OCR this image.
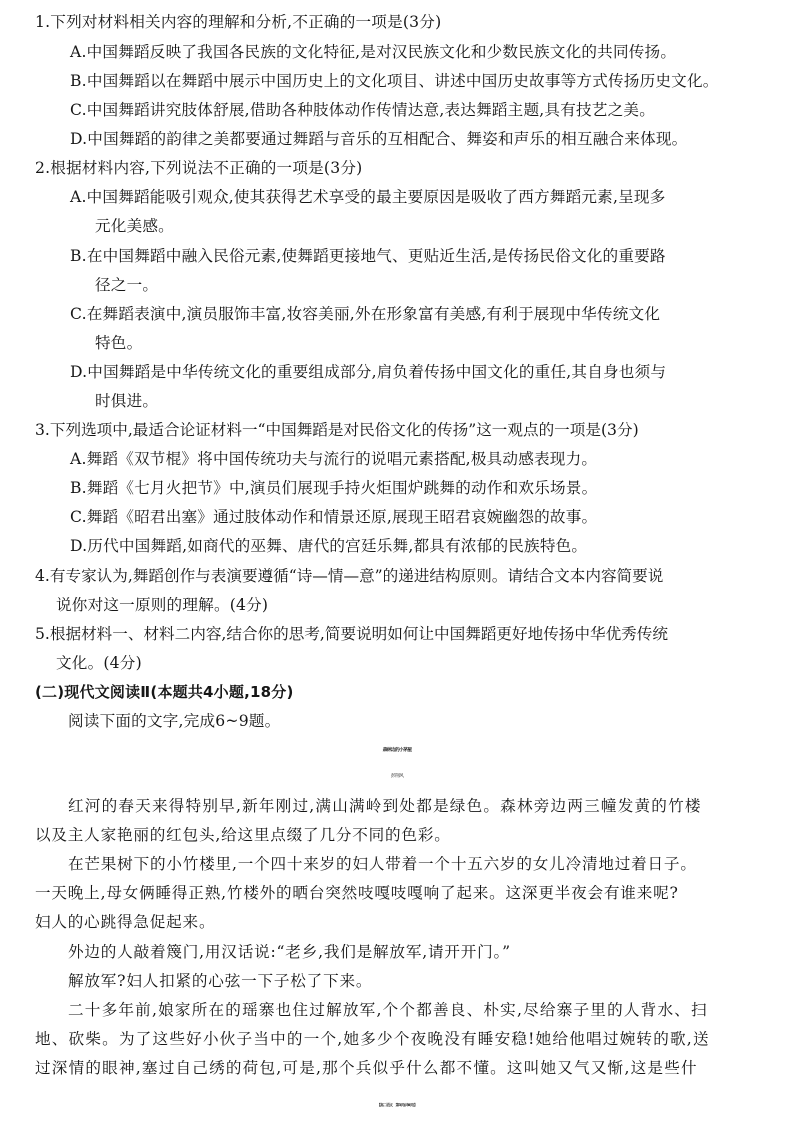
1.下列对材料相关内容的理解和分析,不正确的一项是(3分)
A.中国舞蹈反映了我国各民族的文化特征,是对汉民族文化和少数民族文化的共同传扬。
B.中国舞蹈以在舞蹈中展示中国历史上的文化项目、讲述中国历史故事等方式传扬历史文化。
C.中国舞蹈讲究肢体舒展,借助各种肢体动作传情达意,表达舞蹈主题,具有技艺之美。
D.中国舞蹈的韵律之美都要通过舞蹈与音乐的互相配合、舞姿和声乐的相互融合来体现。
2.根据材料内容,下列说法不正确的一项是(3分)
A.中国舞蹈能吸引观众,使其获得艺术享受的最主要原因是吸收了西方舞蹈元素,呈现多
元化美感。
B.在中国舞蹈中融入民俗元素,使舞蹈更接地气、更贴近生活,是传扬民俗文化的重要路
径之一。
C.在舞蹈表演中,演员服饰丰富,妆容美丽,外在形象富有美感,有利于展现中华传统文化
特色。
D.中国舞蹈是中华传统文化的重要组成部分,肩负着传扬中国文化的重任,其自身也须与
时俱进。
3.下列选项中,最适合论证材料一“中国舞蹈是对民俗文化的传扬”这一观点的一项是(3分)
A.舞蹈《双节棍》将中国传统功夫与流行的说唱元素搭配,极具动感表现力。
B.舞蹈《七月火把节》中,演员们展现手持火炬围炉跳舞的动作和欢乐场景。
C.舞蹈《昭君出塞》通过肢体动作和情景还原,展现王昭君哀婉幽怨的故事。
D.历代中国舞蹈,如商代的巫舞、唐代的宫廷乐舞,都具有浓郁的民族特色。
4.有专家认为,舞蹈创作与表演要遵循“诗—情—意”的递进结构原则。请结合文本内容简要说
说你对这一原则的理解。(4分)
5.根据材料一、材料二内容,结合你的思考,简要说明如何让中国舞蹈更好地传扬中华优秀传统
文化。(4分)
(二)现代文阅读Ⅱ(本题共4小题,18分)
阅读下面的文字,完成6~9题。
森林边的小茅屋
彭荆风
红河的春天来得特别早,新年刚过,满山满岭到处都是绿色。森林旁边两三幢发黄的竹楼
以及主人家艳丽的红包头,给这里点缀了几分不同的色彩。
在芒果树下的小竹楼里,一个四十来岁的妇人带着一个十五六岁的女儿冷清地过着日子。
一天晚上,母女俩睡得正熟,竹楼外的晒台突然吱嘎吱嘎响了起来。这深更半夜会有谁来呢?
妇人的心跳得急促起来。
外边的人敲着篾门,用汉话说:“老乡,我们是解放军,请开开门。”
解放军?妇人扣紧的心弦一下子松了下来。
二十多年前,娘家所在的瑶寨也住过解放军,个个都善良、朴实,尽给寨子里的人背水、扫
地、砍柴。为了这些好小伙子当中的一个,她多少个夜晚没有睡安稳!她给他唱过婉转的歌,送
过深情的眼神,塞过自己绣的荷包,可是,那个兵似乎什么都不懂。这叫她又气又惭,这是些什
【高二语文　第3页(共8页)】
